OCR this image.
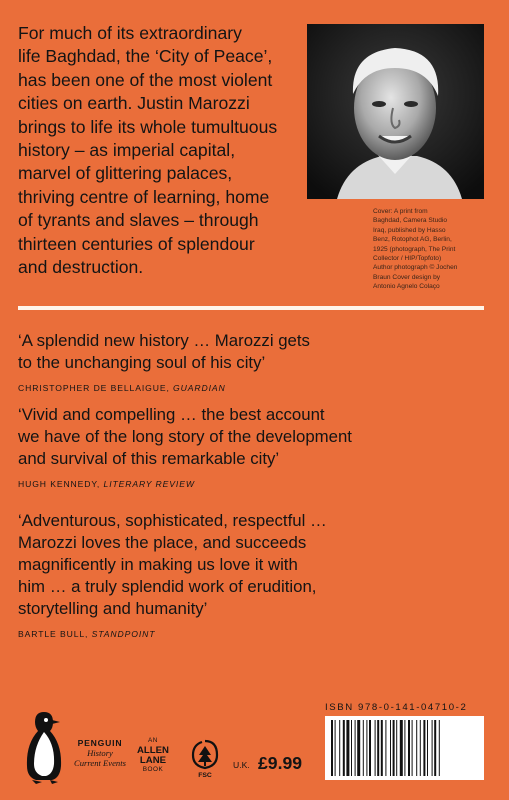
For much of its extraordinary
life Baghdad, the ‘City of Peace’,
has been one of the most violent
cities on earth. Justin Marozzi
brings to life its whole tumultuous
history – as imperial capital,
marvel of glittering palaces,
thriving centre of learning, home
of tyrants and slaves – through
thirteen centuries of splendour
and destruction.
Cover: A print from
Baghdad, Camera Studio
Iraq, published by Hasso
Benz, Rotophot AG, Berlin,
1925 (photograph, The Print
Collector / HIP/Topfoto)
Author photograph © Jochen
Braun Cover design by
Antonio Agnelo Colaço
‘A splendid new history … Marozzi gets
to the unchanging soul of his city’
CHRISTOPHER DE BELLAIGUE, GUARDIAN
‘Vivid and compelling … the best account
we have of the long story of the development
and survival of this remarkable city’
HUGH KENNEDY, LITERARY REVIEW
‘Adventurous, sophisticated, respectful …
Marozzi loves the place, and succeeds
magnificently in making us love it with
him … a truly splendid work of erudition,
storytelling and humanity’
BARTLE BULL, STANDPOINT
PENGUIN
History
Current Events
AN
ALLEN
LANE
BOOK
FSC
U.K. £9.99
ISBN 978-0-141-04710-2
